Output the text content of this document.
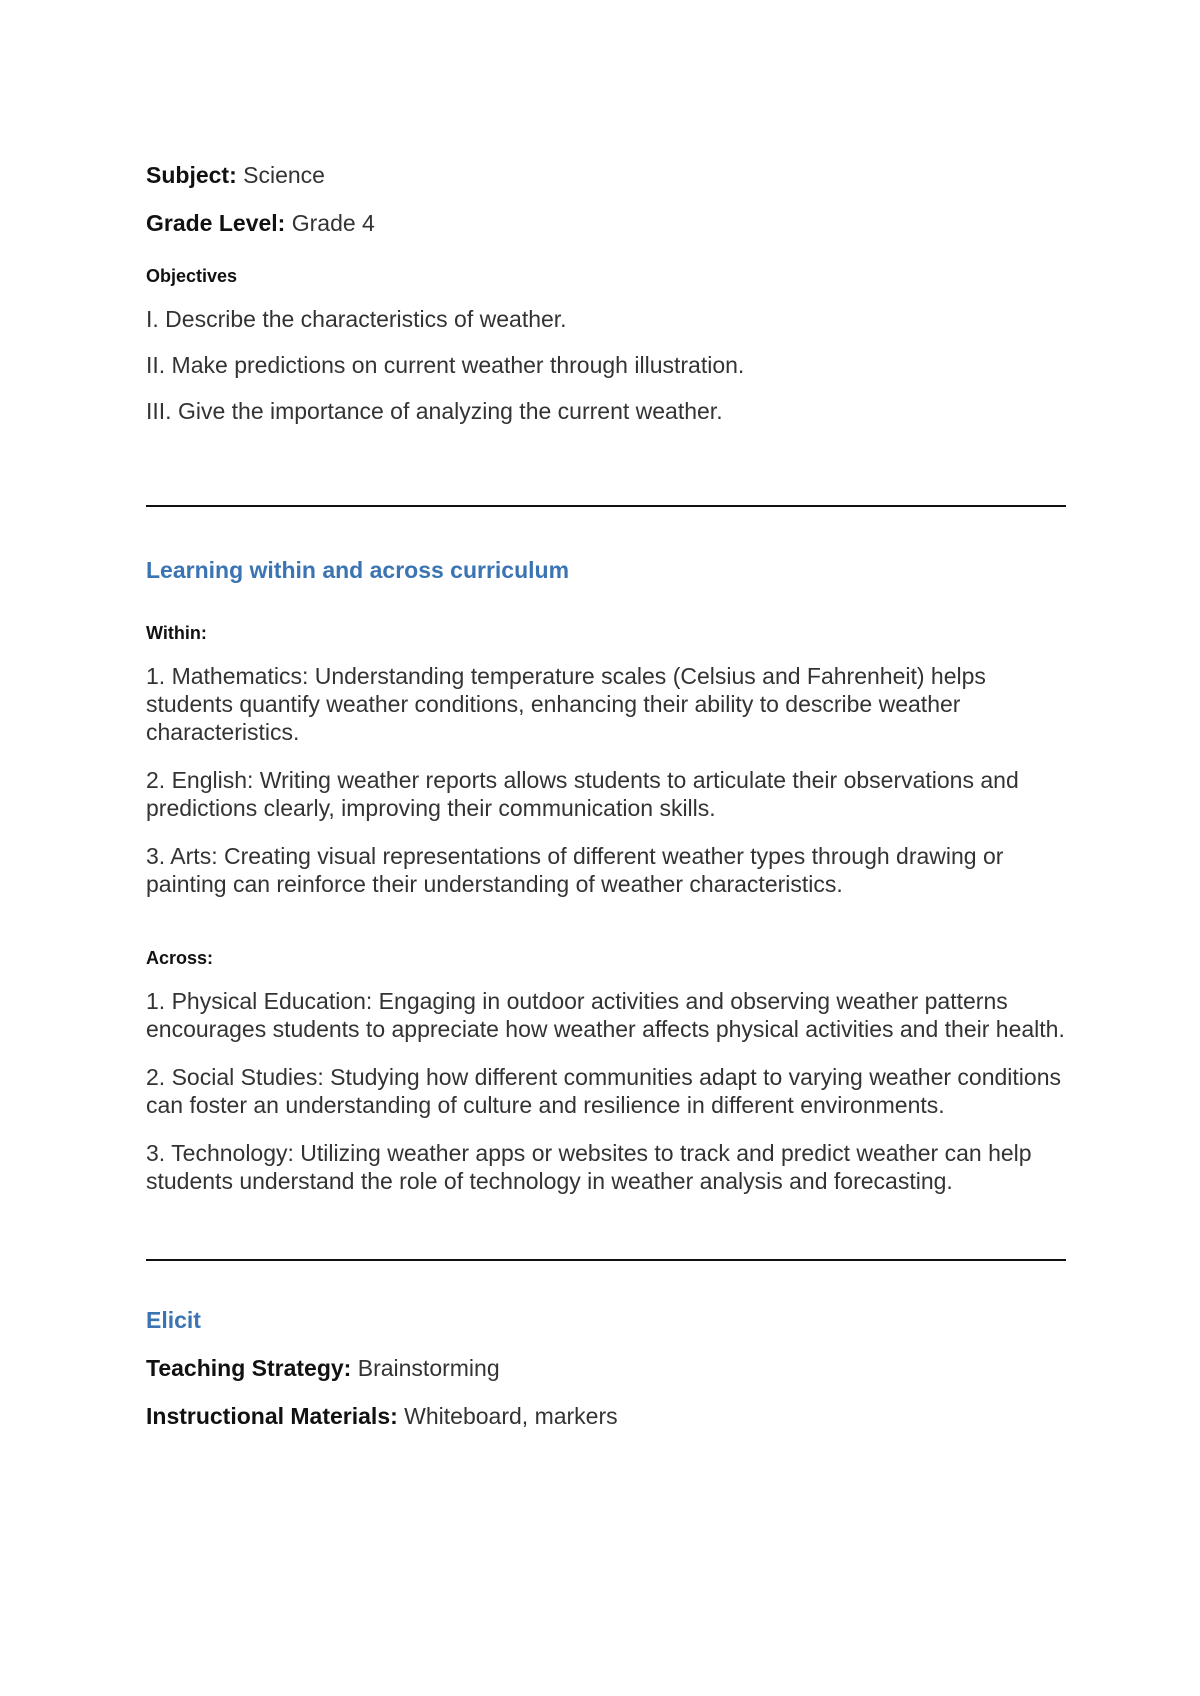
Subject: Science
Grade Level: Grade 4
Objectives
I. Describe the characteristics of weather.
II. Make predictions on current weather through illustration.
III. Give the importance of analyzing the current weather.
Learning within and across curriculum
Within:
1. Mathematics: Understanding temperature scales (Celsius and Fahrenheit) helps students quantify weather conditions, enhancing their ability to describe weather characteristics.
2. English: Writing weather reports allows students to articulate their observations and predictions clearly, improving their communication skills.
3. Arts: Creating visual representations of different weather types through drawing or painting can reinforce their understanding of weather characteristics.
Across:
1. Physical Education: Engaging in outdoor activities and observing weather patterns encourages students to appreciate how weather affects physical activities and their health.
2. Social Studies: Studying how different communities adapt to varying weather conditions can foster an understanding of culture and resilience in different environments.
3. Technology: Utilizing weather apps or websites to track and predict weather can help students understand the role of technology in weather analysis and forecasting.
Elicit
Teaching Strategy: Brainstorming
Instructional Materials: Whiteboard, markers
